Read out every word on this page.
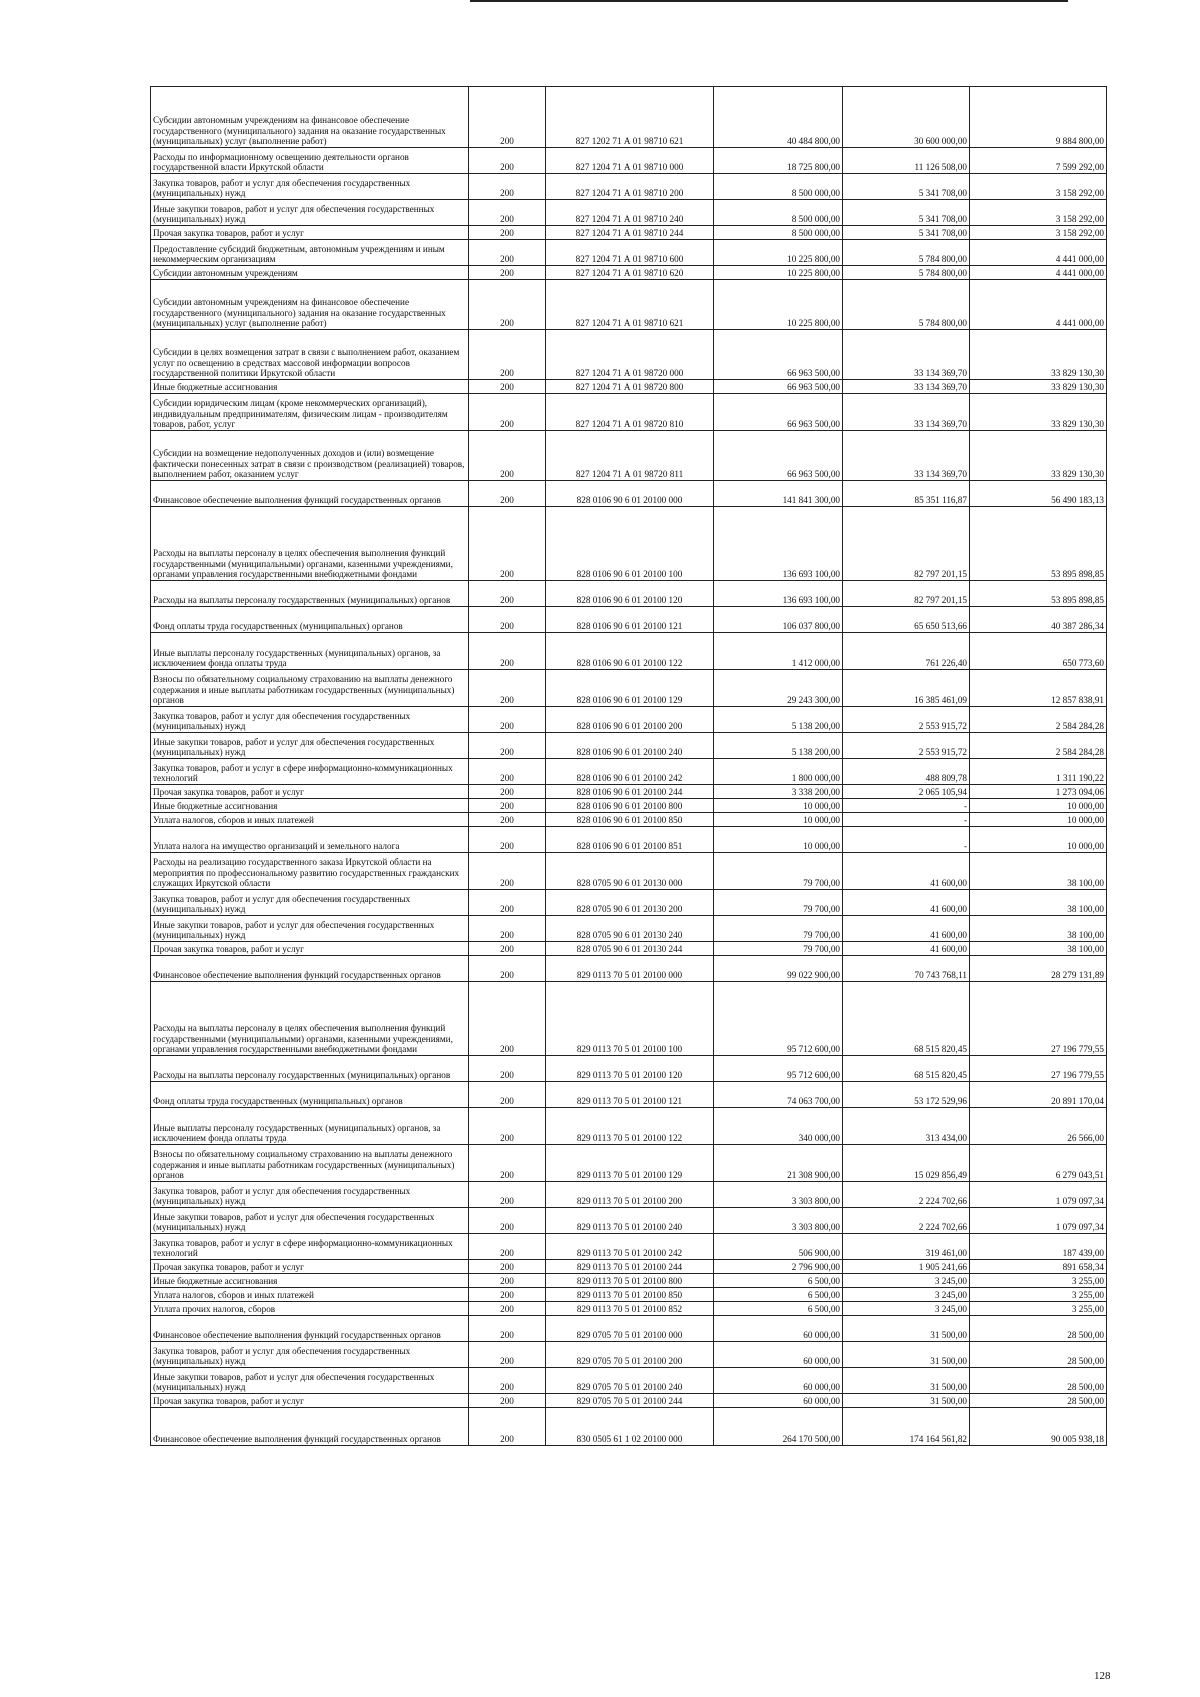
Субсидии автономным учреждениям на финансовое обеспечение государственного (муниципального) задания на оказание государственных (муниципальных) услуг (выполнение работ)	200	827 1202 71 А 01 98710 621	40 484 800,00	30 600 000,00	9 884 800,00
Расходы по информационному освещению деятельности органов государственной власти Иркутской области	200	827 1204 71 А 01 98710 000	18 725 800,00	11 126 508,00	7 599 292,00
Закупка товаров, работ и услуг для обеспечения государственных (муниципальных) нужд	200	827 1204 71 А 01 98710 200	8 500 000,00	5 341 708,00	3 158 292,00
Иные закупки товаров, работ и услуг для обеспечения государственных (муниципальных) нужд	200	827 1204 71 А 01 98710 240	8 500 000,00	5 341 708,00	3 158 292,00
Прочая закупка товаров, работ и услуг	200	827 1204 71 А 01 98710 244	8 500 000,00	5 341 708,00	3 158 292,00
Предоставление субсидий бюджетным, автономным учреждениям и иным некоммерческим организациям	200	827 1204 71 А 01 98710 600	10 225 800,00	5 784 800,00	4 441 000,00
Субсидии автономным учреждениям	200	827 1204 71 А 01 98710 620	10 225 800,00	5 784 800,00	4 441 000,00
Субсидии автономным учреждениям на финансовое обеспечение государственного (муниципального) задания на оказание государственных (муниципальных) услуг (выполнение работ)	200	827 1204 71 А 01 98710 621	10 225 800,00	5 784 800,00	4 441 000,00
Субсидии в целях возмещения затрат в связи с выполнением работ, оказанием услуг по освещению в средствах массовой информации вопросов государственной политики Иркутской области	200	827 1204 71 А 01 98720 000	66 963 500,00	33 134 369,70	33 829 130,30
Иные бюджетные ассигнования	200	827 1204 71 А 01 98720 800	66 963 500,00	33 134 369,70	33 829 130,30
Субсидии юридическим лицам (кроме некоммерческих организаций), индивидуальным предпринимателям, физическим лицам - производителям товаров, работ, услуг	200	827 1204 71 А 01 98720 810	66 963 500,00	33 134 369,70	33 829 130,30
Субсидии на возмещение недополученных доходов и (или) возмещение фактически понесенных затрат в связи с производством (реализацией) товаров, выполнением работ, оказанием услуг	200	827 1204 71 А 01 98720 811	66 963 500,00	33 134 369,70	33 829 130,30
Финансовое обеспечение выполнения функций государственных органов	200	828 0106 90 6 01 20100 000	141 841 300,00	85 351 116,87	56 490 183,13
Расходы на выплаты персоналу в целях обеспечения выполнения функций государственными (муниципальными) органами, казенными учреждениями, органами управления государственными внебюджетными фондами	200	828 0106 90 6 01 20100 100	136 693 100,00	82 797 201,15	53 895 898,85
Расходы на выплаты персоналу государственных (муниципальных) органов	200	828 0106 90 6 01 20100 120	136 693 100,00	82 797 201,15	53 895 898,85
Фонд оплаты труда государственных (муниципальных) органов	200	828 0106 90 6 01 20100 121	106 037 800,00	65 650 513,66	40 387 286,34
Иные выплаты персоналу государственных (муниципальных) органов, за исключением фонда оплаты труда	200	828 0106 90 6 01 20100 122	1 412 000,00	761 226,40	650 773,60
Взносы по обязательному социальному страхованию на выплаты денежного содержания и иные выплаты работникам государственных (муниципальных) органов	200	828 0106 90 6 01 20100 129	29 243 300,00	16 385 461,09	12 857 838,91
Закупка товаров, работ и услуг для обеспечения государственных (муниципальных) нужд	200	828 0106 90 6 01 20100 200	5 138 200,00	2 553 915,72	2 584 284,28
Иные закупки товаров, работ и услуг для обеспечения государственных (муниципальных) нужд	200	828 0106 90 6 01 20100 240	5 138 200,00	2 553 915,72	2 584 284,28
Закупка товаров, работ и услуг в сфере информационно-коммуникационных технологий	200	828 0106 90 6 01 20100 242	1 800 000,00	488 809,78	1 311 190,22
Прочая закупка товаров, работ и услуг	200	828 0106 90 6 01 20100 244	3 338 200,00	2 065 105,94	1 273 094,06
Иные бюджетные ассигнования	200	828 0106 90 6 01 20100 800	10 000,00	-	10 000,00
Уплата налогов, сборов и иных платежей	200	828 0106 90 6 01 20100 850	10 000,00	-	10 000,00
Уплата налога на имущество организаций и земельного налога	200	828 0106 90 6 01 20100 851	10 000,00	-	10 000,00
Расходы на реализацию государственного заказа Иркутской области на мероприятия по профессиональному развитию государственных гражданских служащих Иркутской области	200	828 0705 90 6 01 20130 000	79 700,00	41 600,00	38 100,00
Закупка товаров, работ и услуг для обеспечения государственных (муниципальных) нужд	200	828 0705 90 6 01 20130 200	79 700,00	41 600,00	38 100,00
Иные закупки товаров, работ и услуг для обеспечения государственных (муниципальных) нужд	200	828 0705 90 6 01 20130 240	79 700,00	41 600,00	38 100,00
Прочая закупка товаров, работ и услуг	200	828 0705 90 6 01 20130 244	79 700,00	41 600,00	38 100,00
Финансовое обеспечение выполнения функций государственных органов	200	829 0113 70 5 01 20100 000	99 022 900,00	70 743 768,11	28 279 131,89
Расходы на выплаты персоналу в целях обеспечения выполнения функций государственными (муниципальными) органами, казенными учреждениями, органами управления государственными внебюджетными фондами	200	829 0113 70 5 01 20100 100	95 712 600,00	68 515 820,45	27 196 779,55
Расходы на выплаты персоналу государственных (муниципальных) органов	200	829 0113 70 5 01 20100 120	95 712 600,00	68 515 820,45	27 196 779,55
Фонд оплаты труда государственных (муниципальных) органов	200	829 0113 70 5 01 20100 121	74 063 700,00	53 172 529,96	20 891 170,04
Иные выплаты персоналу государственных (муниципальных) органов, за исключением фонда оплаты труда	200	829 0113 70 5 01 20100 122	340 000,00	313 434,00	26 566,00
Взносы по обязательному социальному страхованию на выплаты денежного содержания и иные выплаты работникам государственных (муниципальных) органов	200	829 0113 70 5 01 20100 129	21 308 900,00	15 029 856,49	6 279 043,51
Закупка товаров, работ и услуг для обеспечения государственных (муниципальных) нужд	200	829 0113 70 5 01 20100 200	3 303 800,00	2 224 702,66	1 079 097,34
Иные закупки товаров, работ и услуг для обеспечения государственных (муниципальных) нужд	200	829 0113 70 5 01 20100 240	3 303 800,00	2 224 702,66	1 079 097,34
Закупка товаров, работ и услуг в сфере информационно-коммуникационных технологий	200	829 0113 70 5 01 20100 242	506 900,00	319 461,00	187 439,00
Прочая закупка товаров, работ и услуг	200	829 0113 70 5 01 20100 244	2 796 900,00	1 905 241,66	891 658,34
Иные бюджетные ассигнования	200	829 0113 70 5 01 20100 800	6 500,00	3 245,00	3 255,00
Уплата налогов, сборов и иных платежей	200	829 0113 70 5 01 20100 850	6 500,00	3 245,00	3 255,00
Уплата прочих налогов, сборов	200	829 0113 70 5 01 20100 852	6 500,00	3 245,00	3 255,00
Финансовое обеспечение выполнения функций государственных органов	200	829 0705 70 5 01 20100 000	60 000,00	31 500,00	28 500,00
Закупка товаров, работ и услуг для обеспечения государственных (муниципальных) нужд	200	829 0705 70 5 01 20100 200	60 000,00	31 500,00	28 500,00
Иные закупки товаров, работ и услуг для обеспечения государственных (муниципальных) нужд	200	829 0705 70 5 01 20100 240	60 000,00	31 500,00	28 500,00
Прочая закупка товаров, работ и услуг	200	829 0705 70 5 01 20100 244	60 000,00	31 500,00	28 500,00
Финансовое обеспечение выполнения функций государственных органов	200	830 0505 61 1 02 20100 000	264 170 500,00	174 164 561,82	90 005 938,18
128
